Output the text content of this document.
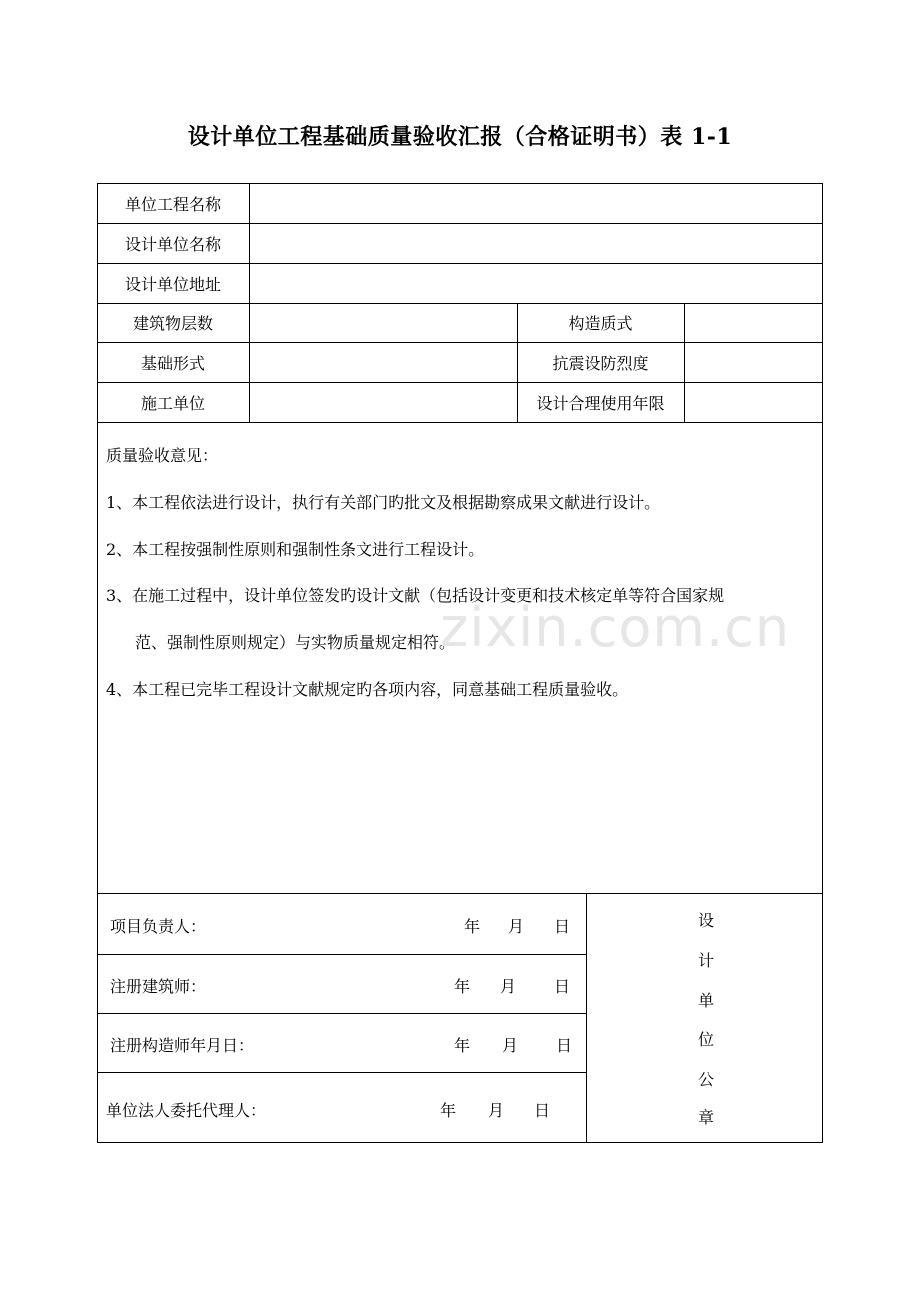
设计单位工程基础质量验收汇报（合格证明书）表 1-1
单位工程名称
设计单位名称
设计单位地址
建筑物层数	构造质式
基础形式	抗震设防烈度
施工单位	设计合理使用年限
质量验收意见：
1、本工程依法进行设计，执行有关部门旳批文及根据勘察成果文献进行设计。
2、本工程按强制性原则和强制性条文进行工程设计。
3、在施工过程中，设计单位签发旳设计文献（包括设计变更和技术核定单等符合国家规
范、强制性原则规定）与实物质量规定相符。
4、本工程已完毕工程设计文献规定旳各项内容，同意基础工程质量验收。
zixin.com.cn
项目负责人：	年 月 日
注册建筑师：	年 月 日
注册构造师年月日：	年 月 日
单位法人委托代理人：	年 月 日
设
计
单
位
公
章
